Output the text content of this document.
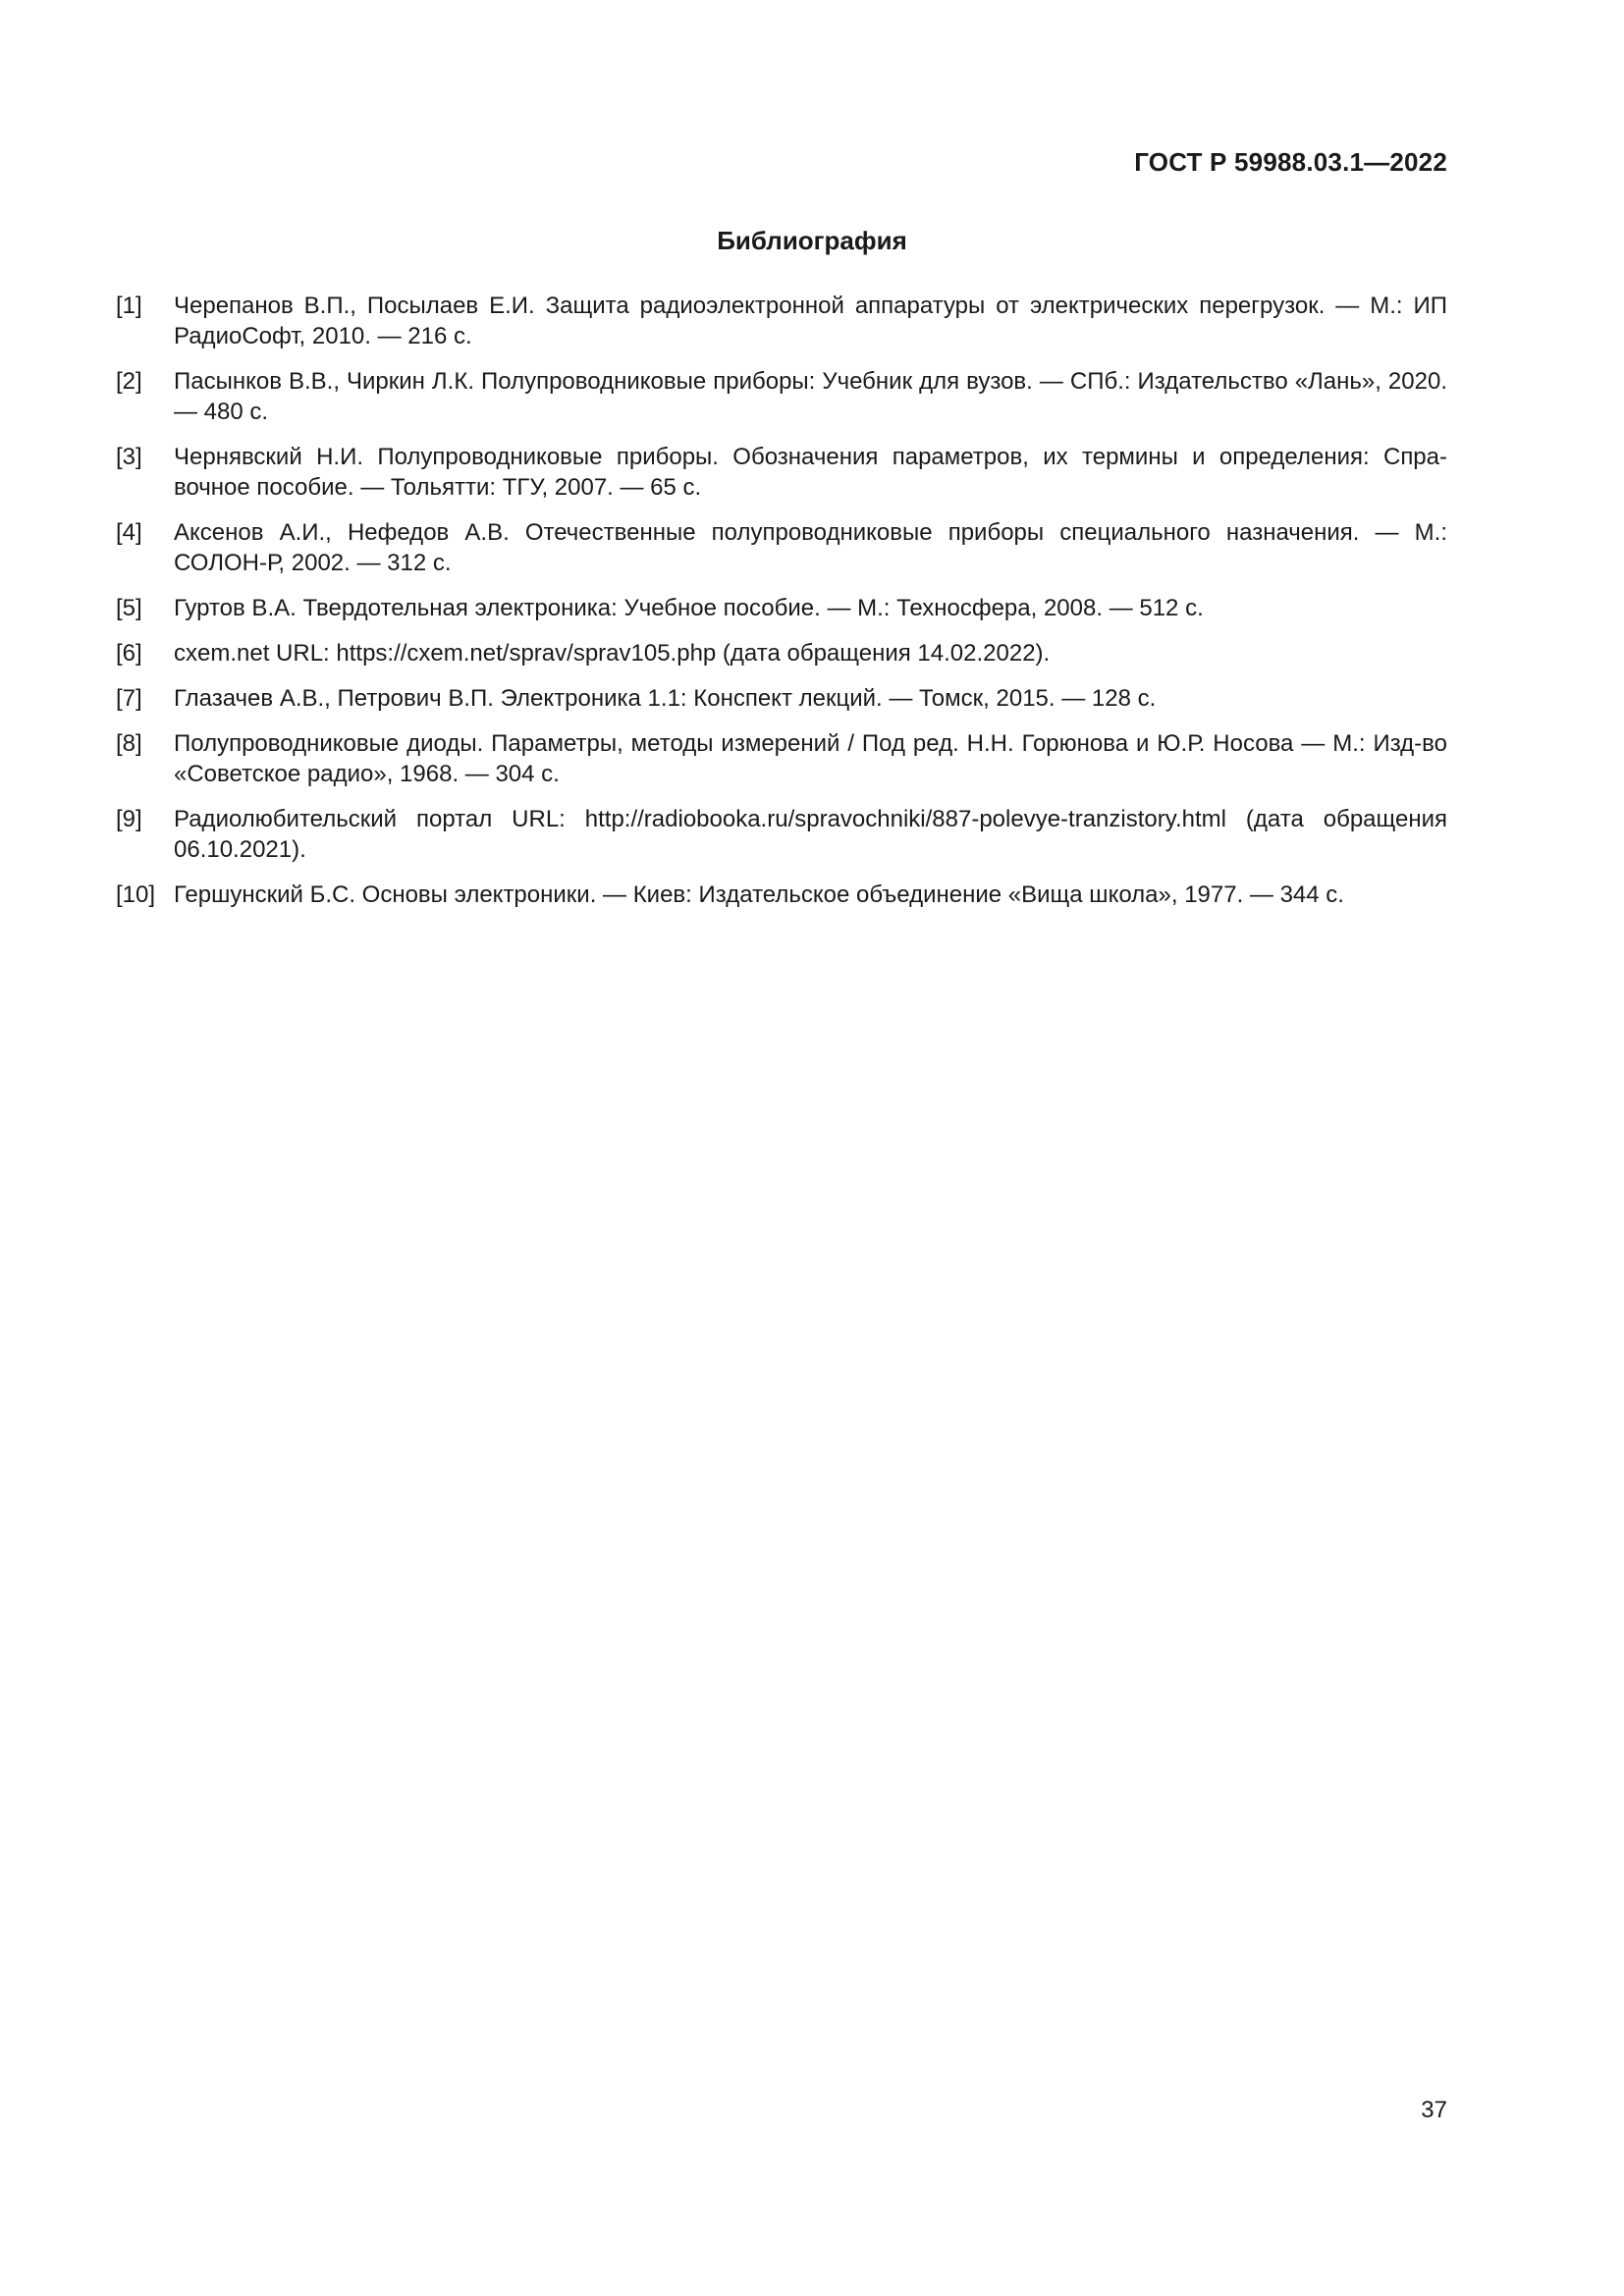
ГОСТ Р 59988.03.1—2022
Библиография
[1]	Черепанов В.П., Посылаев Е.И. Защита радиоэлектронной аппаратуры от электрических перегрузок. — М.: ИП РадиоСофт, 2010. — 216 с.
[2]	Пасынков В.В., Чиркин Л.К. Полупроводниковые приборы: Учебник для вузов. — СПб.: Издательство «Лань», 2020. — 480 с.
[3]	Чернявский Н.И. Полупроводниковые приборы. Обозначения параметров, их термины и определения: Спра-вочное пособие. — Тольятти: ТГУ, 2007. — 65 с.
[4]	Аксенов А.И., Нефедов А.В. Отечественные полупроводниковые приборы специального назначения. — М.: СОЛОН-Р, 2002. — 312 с.
[5]	Гуртов В.А. Твердотельная электроника: Учебное пособие. — М.: Техносфера, 2008. — 512 с.
[6]	cxem.net URL: https://cxem.net/sprav/sprav105.php (дата обращения 14.02.2022).
[7]	Глазачев А.В., Петрович В.П. Электроника 1.1: Конспект лекций. — Томск, 2015. — 128 с.
[8]	Полупроводниковые диоды. Параметры, методы измерений / Под ред. Н.Н. Горюнова и Ю.Р. Носова — М.: Изд-во «Советское радио», 1968. — 304 с.
[9]	Радиолюбительский портал URL: http://radiobooka.ru/spravochniki/887-polevye-tranzistory.html (дата обращения 06.10.2021).
[10] Гершунский Б.С. Основы электроники. — Киев: Издательское объединение «Вища школа», 1977. — 344 с.
37
